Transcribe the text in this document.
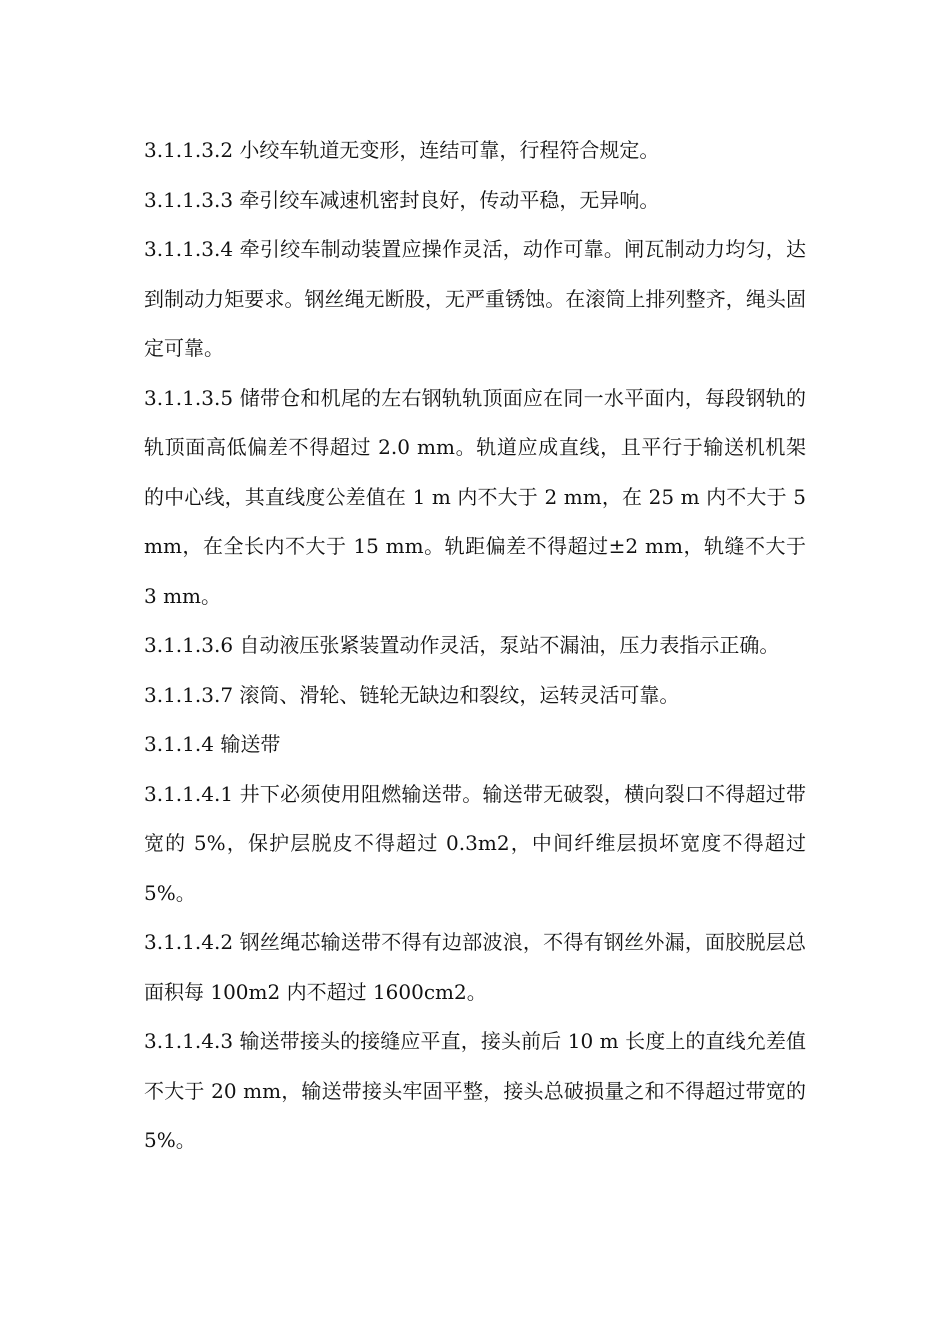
3.1.1.3.2 小绞车轨道无变形，连结可靠，行程符合规定。

3.1.1.3.3 牵引绞车减速机密封良好，传动平稳，无异响。

3.1.1.3.4 牵引绞车制动装置应操作灵活，动作可靠。闸瓦制动力均匀，达到制动力矩要求。钢丝绳无断股，无严重锈蚀。在滚筒上排列整齐，绳头固定可靠。

3.1.1.3.5 储带仓和机尾的左右钢轨轨顶面应在同一水平面内，每段钢轨的轨顶面高低偏差不得超过 2.0 mm。轨道应成直线，且平行于输送机机架的中心线，其直线度公差值在 1 m 内不大于 2 mm，在 25 m 内不大于 5 mm，在全长内不大于 15 mm。轨距偏差不得超过±2 mm，轨缝不大于 3 mm。

3.1.1.3.6 自动液压张紧装置动作灵活，泵站不漏油，压力表指示正确。

3.1.1.3.7 滚筒、滑轮、链轮无缺边和裂纹，运转灵活可靠。

3.1.1.4 输送带

3.1.1.4.1 井下必须使用阻燃输送带。输送带无破裂，横向裂口不得超过带宽的 5%，保护层脱皮不得超过 0.3m2，中间纤维层损坏宽度不得超过 5%。

3.1.1.4.2 钢丝绳芯输送带不得有边部波浪，不得有钢丝外漏，面胶脱层总面积每 100m2 内不超过 1600cm2。

3.1.1.4.3 输送带接头的接缝应平直，接头前后 10 m 长度上的直线允差值不大于 20 mm，输送带接头牢固平整，接头总破损量之和不得超过带宽的 5%。
